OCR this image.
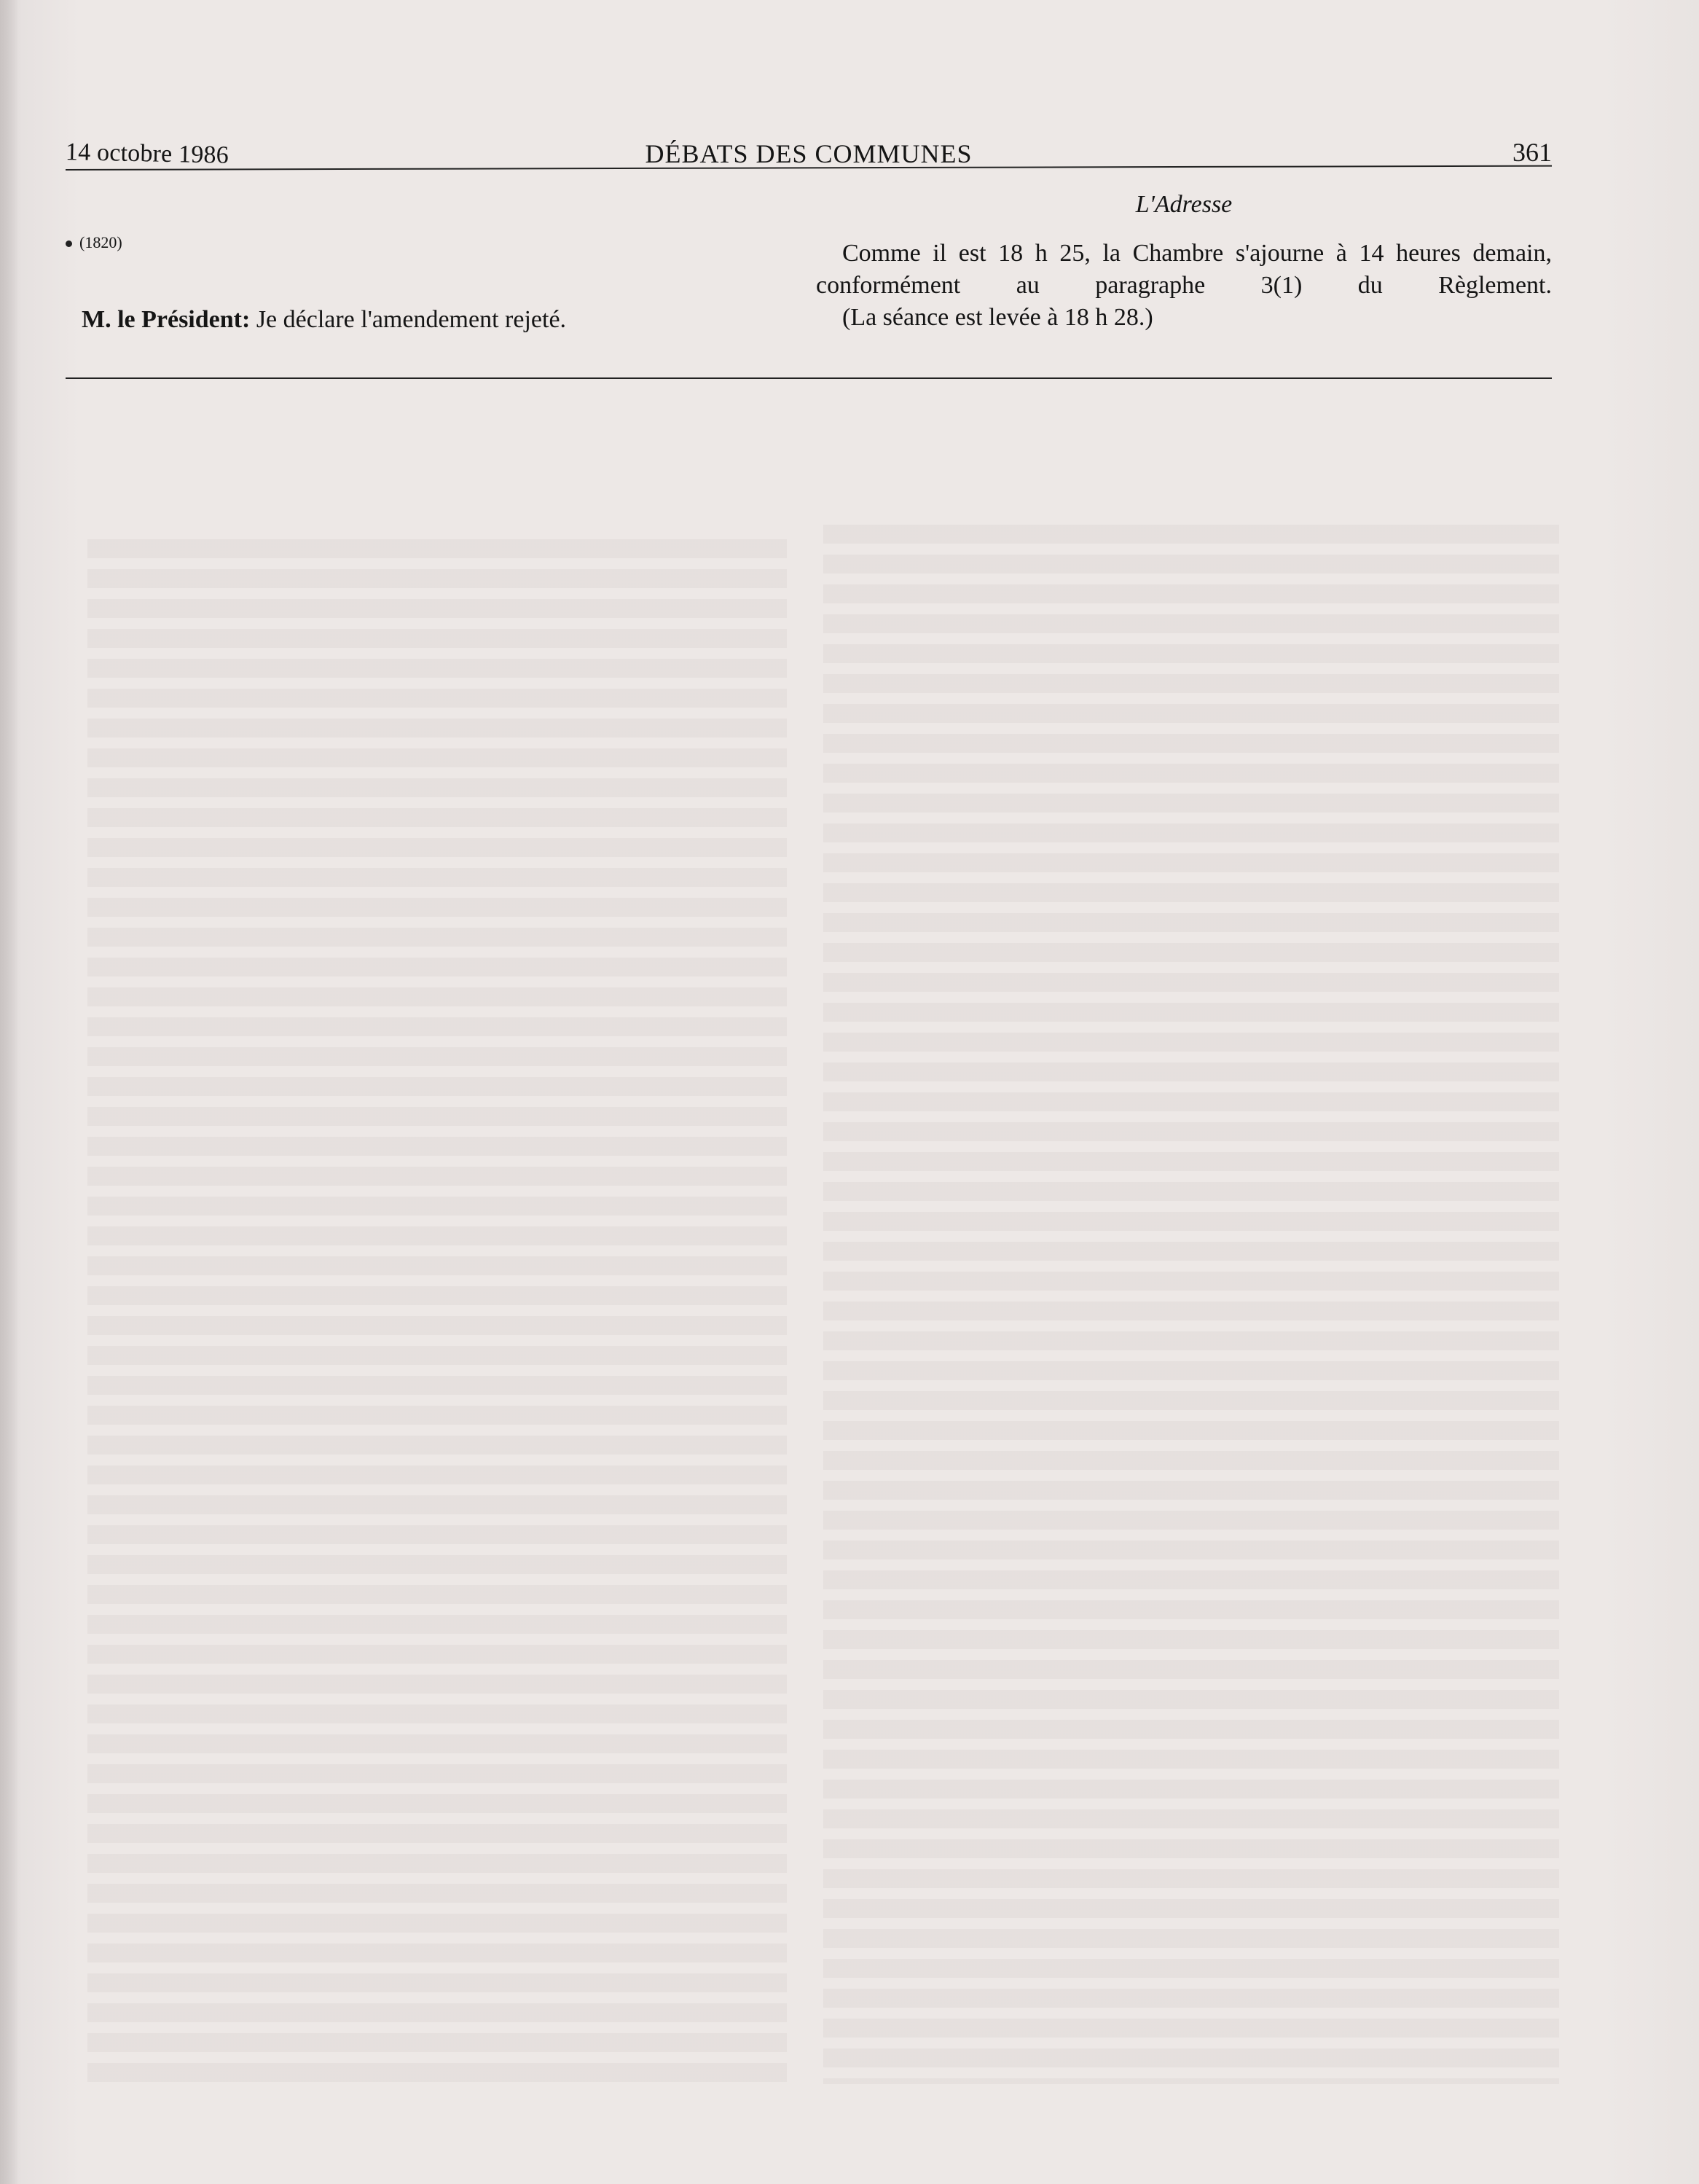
14 octobre 1986	DÉBATS DES COMMUNES	361
L'Adresse
(1820)
M. le Président: Je déclare l'amendement rejeté.

Comme il est 18 h 25, la Chambre s'ajourne à 14 heures demain, conformément au paragraphe 3(1) du Règlement.

(La séance est levée à 18 h 28.)
